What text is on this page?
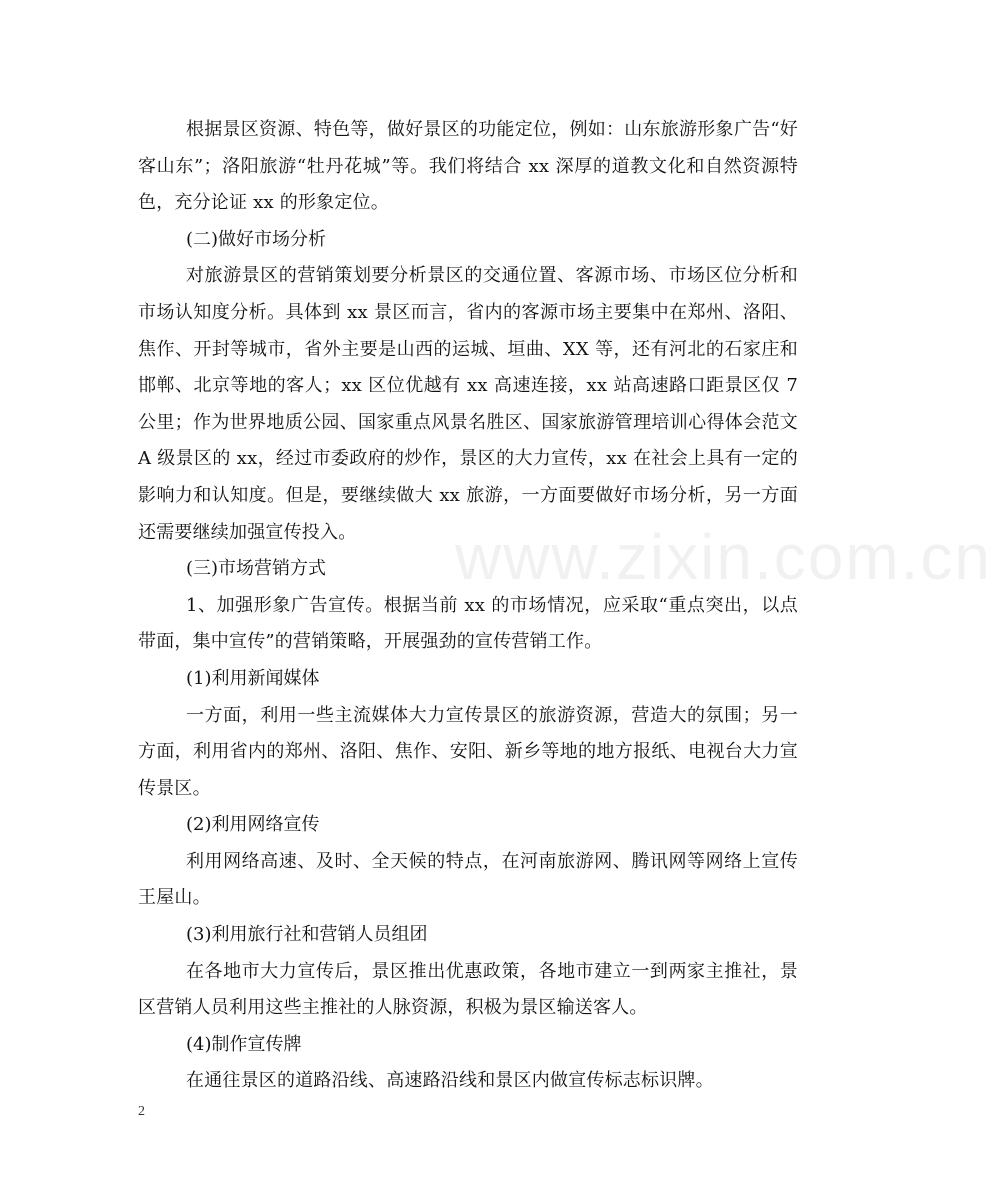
www.zixin.com.cn

根据景区资源、特色等，做好景区的功能定位，例如：山东旅游形象广告“好客山东”；洛阳旅游“牡丹花城”等。我们将结合 xx 深厚的道教文化和自然资源特色，充分论证 xx 的形象定位。

(二)做好市场分析

对旅游景区的营销策划要分析景区的交通位置、客源市场、市场区位分析和市场认知度分析。具体到 xx 景区而言，省内的客源市场主要集中在郑州、洛阳、焦作、开封等城市，省外主要是山西的运城、垣曲、XX 等，还有河北的石家庄和邯郸、北京等地的客人；xx 区位优越有 xx 高速连接，xx 站高速路口距景区仅 7 公里；作为世界地质公园、国家重点风景名胜区、国家旅游管理培训心得体会范文 A 级景区的 xx，经过市委政府的炒作，景区的大力宣传，xx 在社会上具有一定的影响力和认知度。但是，要继续做大 xx 旅游，一方面要做好市场分析，另一方面还需要继续加强宣传投入。

(三)市场营销方式

1、加强形象广告宣传。根据当前 xx 的市场情况，应采取“重点突出，以点带面，集中宣传”的营销策略，开展强劲的宣传营销工作。

(1)利用新闻媒体

一方面，利用一些主流媒体大力宣传景区的旅游资源，营造大的氛围；另一方面，利用省内的郑州、洛阳、焦作、安阳、新乡等地的地方报纸、电视台大力宣传景区。

(2)利用网络宣传

利用网络高速、及时、全天候的特点，在河南旅游网、腾讯网等网络上宣传王屋山。

(3)利用旅行社和营销人员组团

在各地市大力宣传后，景区推出优惠政策，各地市建立一到两家主推社，景区营销人员利用这些主推社的人脉资源，积极为景区输送客人。

(4)制作宣传牌

在通往景区的道路沿线、高速路沿线和景区内做宣传标志标识牌。

2
